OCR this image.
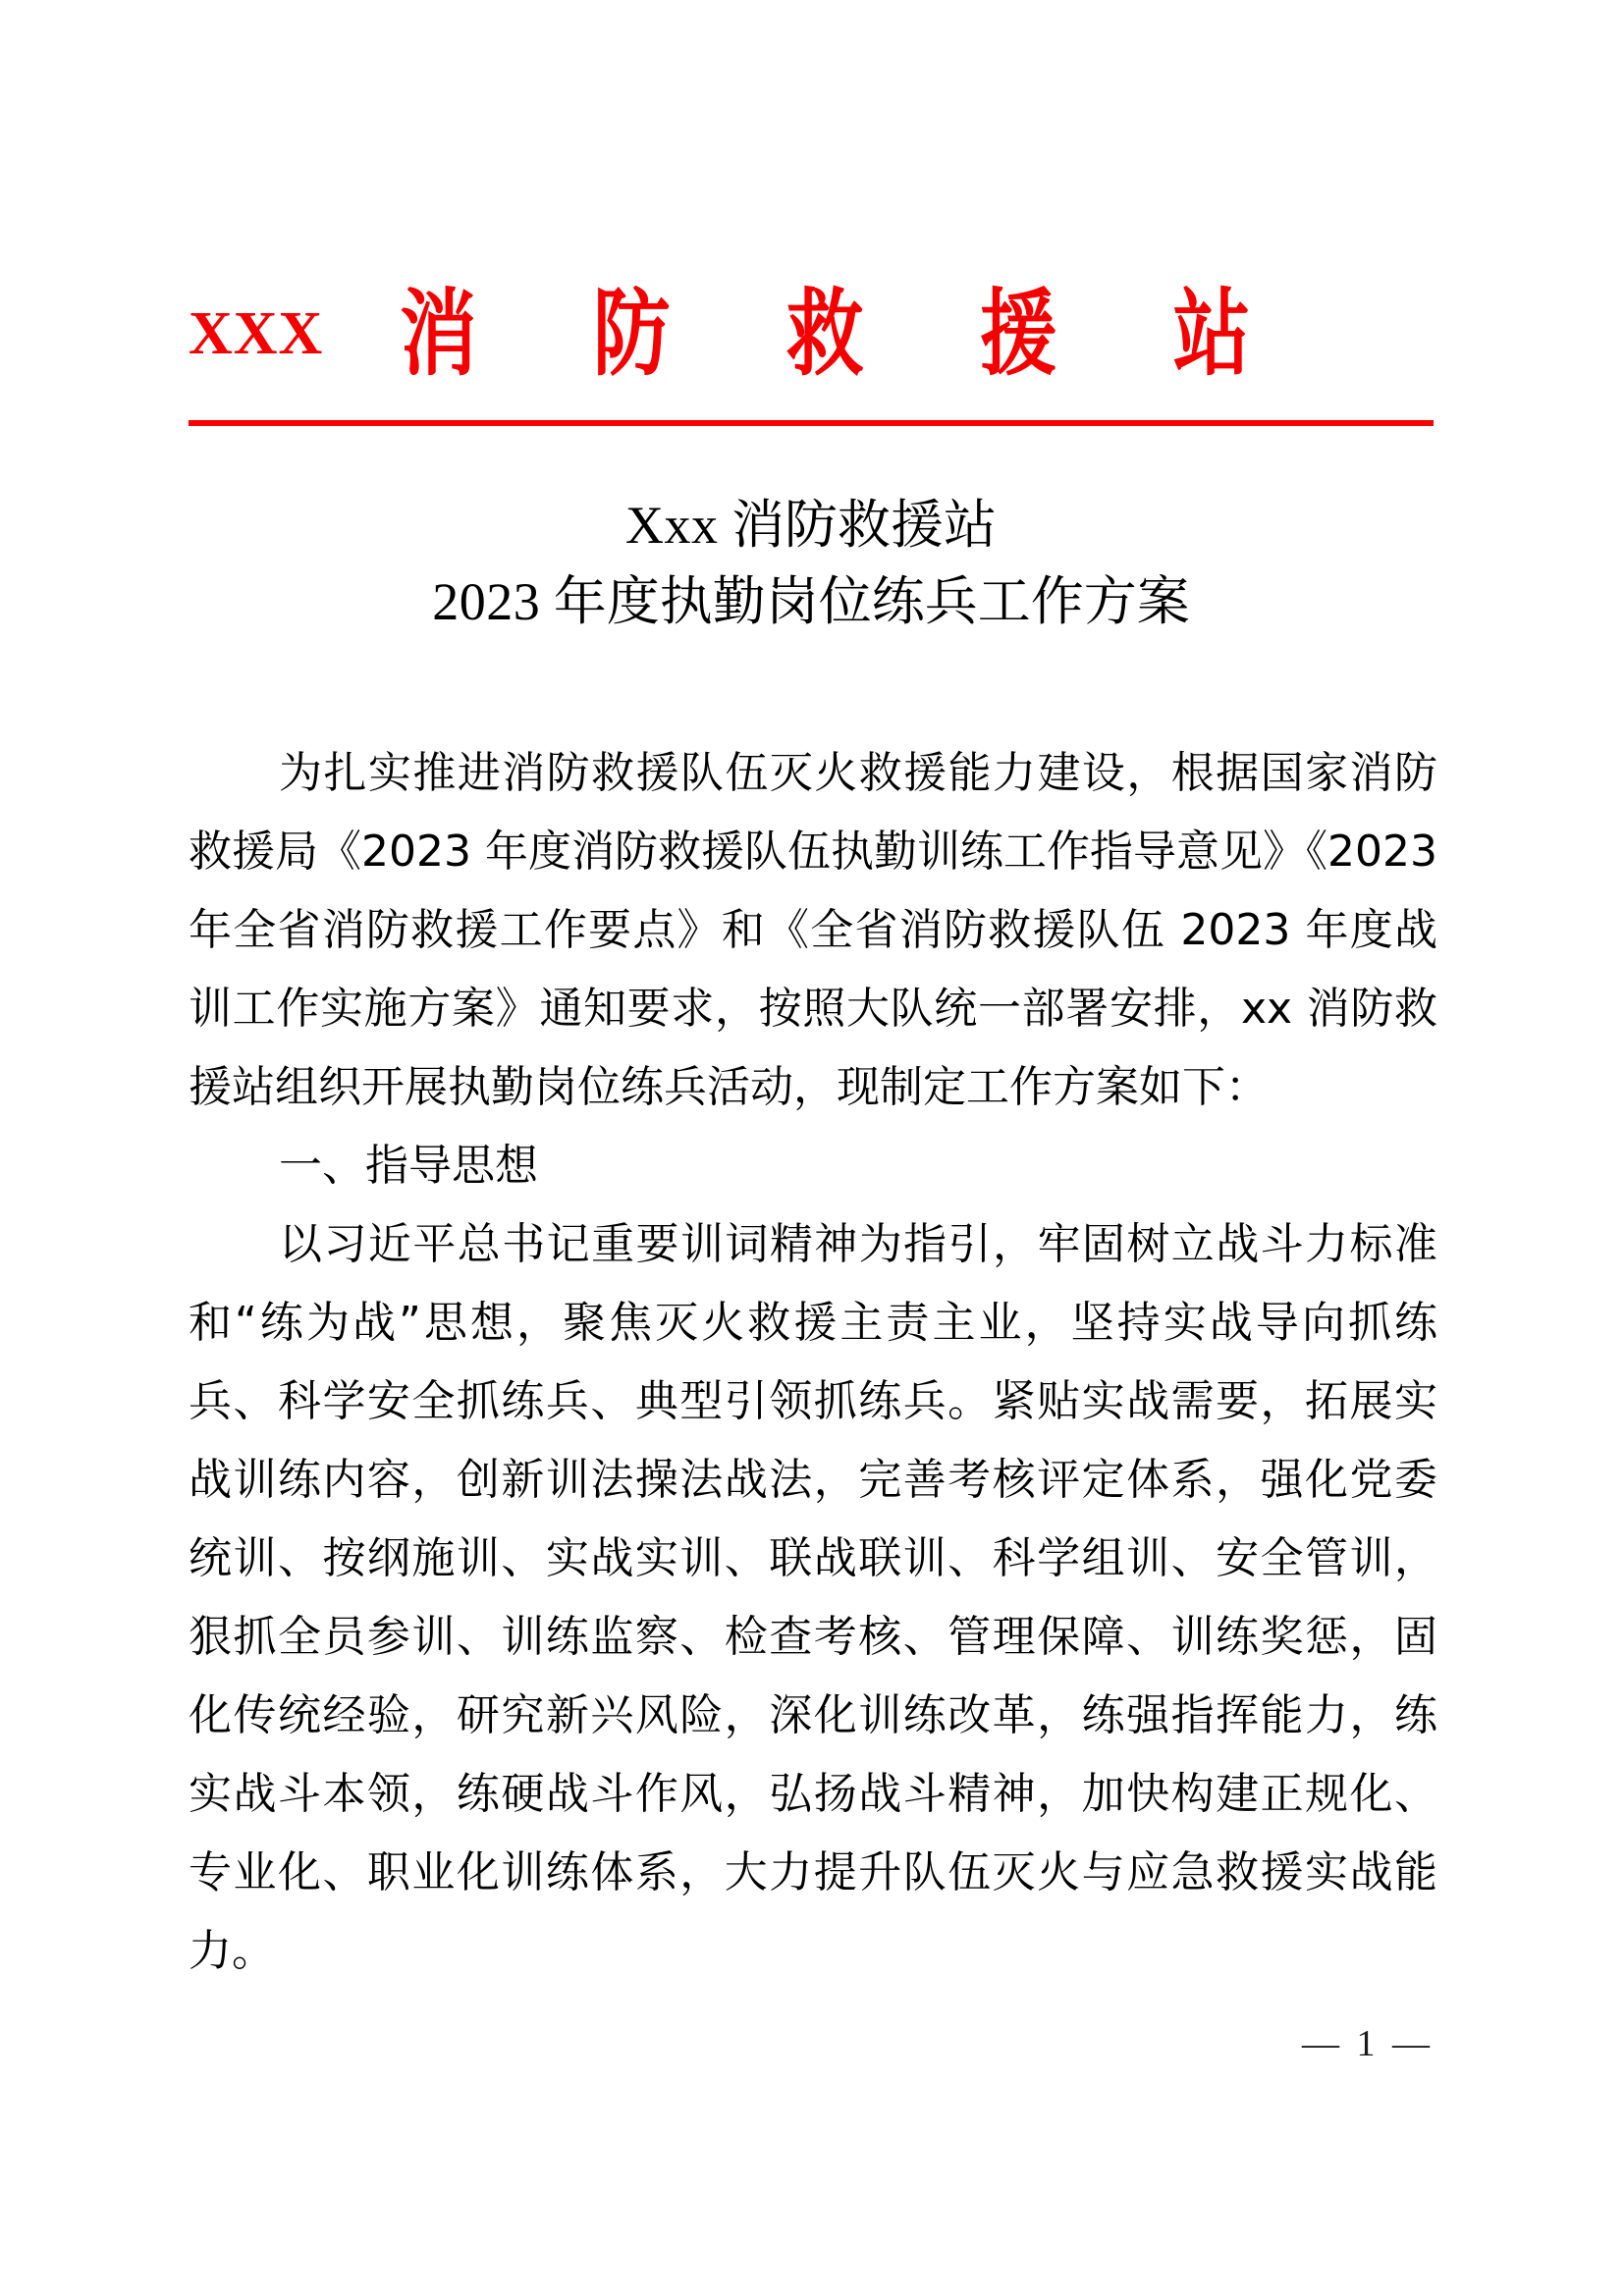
XXX 消 防 救 援 站
Xxx 消防救援站
2023 年度执勤岗位练兵工作方案

为扎实推进消防救援队伍灭火救援能力建设，根据国家消防救援局《2023 年度消防救援队伍执勤训练工作指导意见》《2023 年全省消防救援工作要点》和《全省消防救援队伍 2023 年度战训工作实施方案》通知要求，按照大队统一部署安排，xx 消防救援站组织开展执勤岗位练兵活动，现制定工作方案如下：

一、指导思想

以习近平总书记重要训词精神为指引，牢固树立战斗力标准和“练为战”思想，聚焦灭火救援主责主业，坚持实战导向抓练兵、科学安全抓练兵、典型引领抓练兵。紧贴实战需要，拓展实战训练内容，创新训法操法战法，完善考核评定体系，强化党委统训、按纲施训、实战实训、联战联训、科学组训、安全管训，狠抓全员参训、训练监察、检查考核、管理保障、训练奖惩，固化传统经验，研究新兴风险，深化训练改革，练强指挥能力，练实战斗本领，练硬战斗作风，弘扬战斗精神，加快构建正规化、专业化、职业化训练体系，大力提升队伍灭火与应急救援实战能力。

— 1 —
